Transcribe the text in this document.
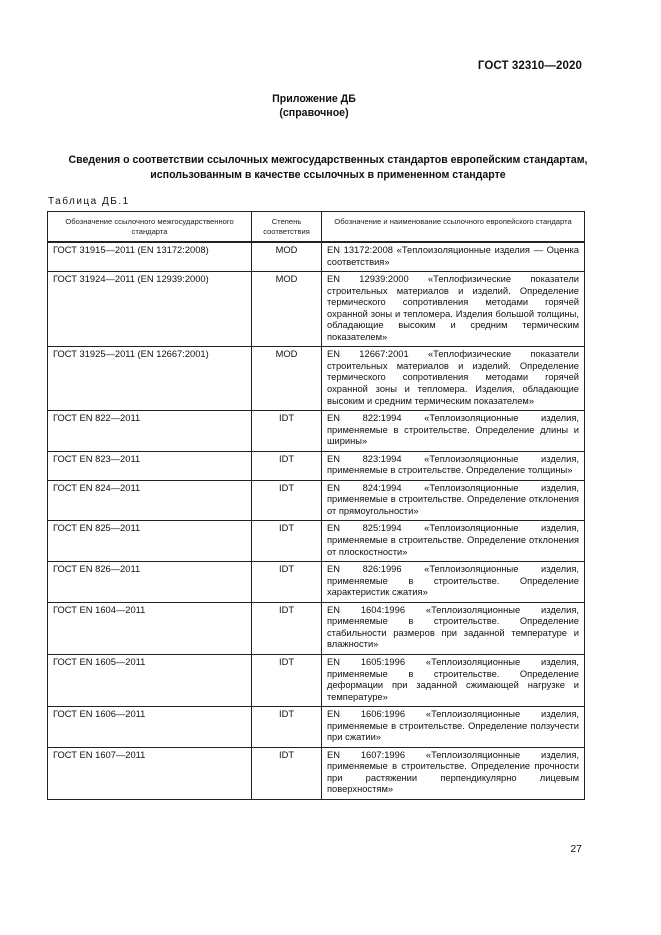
ГОСТ 32310—2020
Приложение ДБ
(справочное)
Сведения о соответствии ссылочных межгосударственных стандартов европейским стандартам, использованным в качестве ссылочных в примененном стандарте
Таблица ДБ.1
Обозначение ссылочного межгосударственного стандарта	Степень соответствия	Обозначение и наименование ссылочного европейского стандарта
ГОСТ 31915—2011 (EN 13172:2008)	MOD	EN 13172:2008 «Теплоизоляционные изделия — Оценка соответствия»
ГОСТ 31924—2011 (EN 12939:2000)	MOD	EN 12939:2000 «Теплофизические показатели строительных материалов и изделий. Определение термического сопротивления методами горячей охранной зоны и тепломера. Изделия большой толщины, обладающие высоким и средним термическим показателем»
ГОСТ 31925—2011 (EN 12667:2001)	MOD	EN 12667:2001 «Теплофизические показатели строительных материалов и изделий. Определение термического сопротивления методами горячей охранной зоны и тепломера. Изделия, обладающие высоким и средним термическим показателем»
ГОСТ EN 822—2011	IDT	EN 822:1994 «Теплоизоляционные изделия, применяемые в строительстве. Определение длины и ширины»
ГОСТ EN 823—2011	IDT	EN 823:1994 «Теплоизоляционные изделия, применяемые в строительстве. Определение толщины»
ГОСТ EN 824—2011	IDT	EN 824:1994 «Теплоизоляционные изделия, применяемые в строительстве. Определение отклонения от прямоугольности»
ГОСТ EN 825—2011	IDT	EN 825:1994 «Теплоизоляционные изделия, применяемые в строительстве. Определение отклонения от плоскостности»
ГОСТ EN 826—2011	IDT	EN 826:1996 «Теплоизоляционные изделия, применяемые в строительстве. Определение характеристик сжатия»
ГОСТ EN 1604—2011	IDT	EN 1604:1996 «Теплоизоляционные изделия, применяемые в строительстве. Определение стабильности размеров при заданной температуре и влажности»
ГОСТ EN 1605—2011	IDT	EN 1605:1996 «Теплоизоляционные изделия, применяемые в строительстве. Определение деформации при заданной сжимающей нагрузке и температуре»
ГОСТ EN 1606—2011	IDT	EN 1606:1996 «Теплоизоляционные изделия, применяемые в строительстве. Определение ползучести при сжатии»
ГОСТ EN 1607—2011	IDT	EN 1607:1996 «Теплоизоляционные изделия, применяемые в строительстве. Определение прочности при растяжении перпендикулярно лицевым поверхностям»
27
